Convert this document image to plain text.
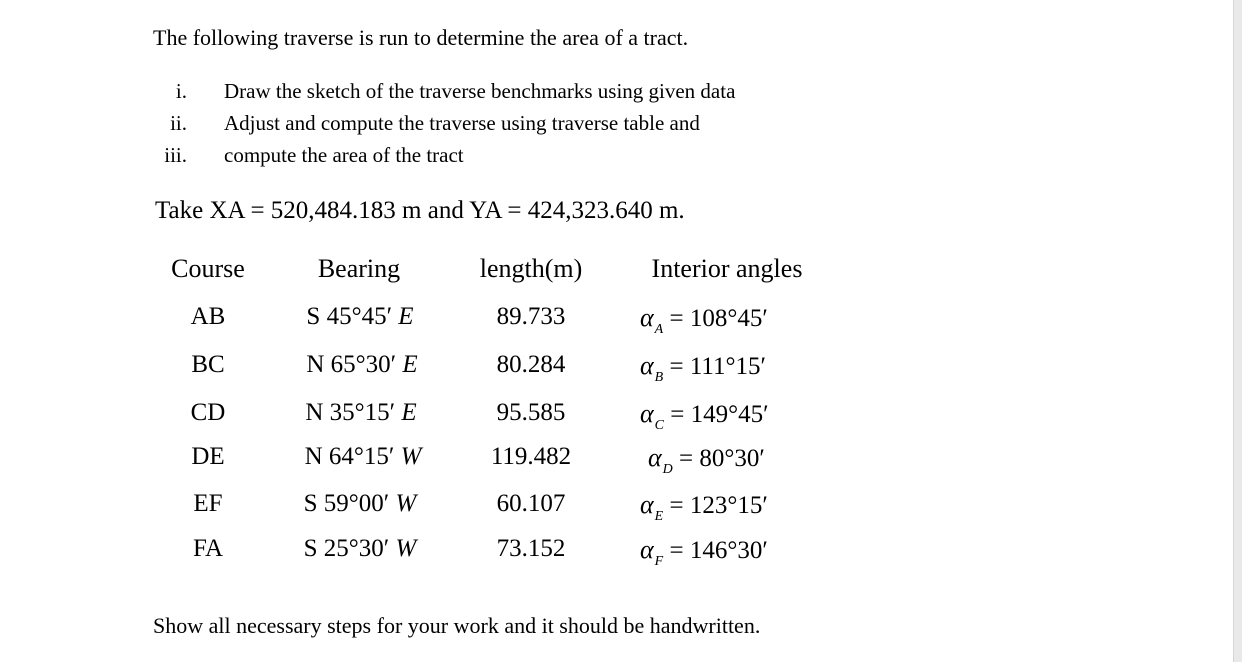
The following traverse is run to determine the area of a tract.
i. Draw the sketch of the traverse benchmarks using given data
ii. Adjust and compute the traverse using traverse table and
iii. compute the area of the tract
Take XA = 520,484.183 m and YA = 424,323.640 m.
Course	Bearing	length(m)	Interior angles
AB	S 45°45ʹ E	89.733	$\alpha_A$ = 108°45ʹ
BC	N 65°30ʹ E	80.284	$\alpha_B$ = 111°15ʹ
CD	N 35°15ʹ E	95.585	$\alpha_C$ = 149°45ʹ
DE	N 64°15ʹ W	119.482	$\alpha_D$ = 80°30ʹ
EF	S 59°00ʹ W	60.107	$\alpha_E$ = 123°15ʹ
FA	S 25°30ʹ W	73.152	$\alpha_F$ = 146°30ʹ
Show all necessary steps for your work and it should be handwritten.
